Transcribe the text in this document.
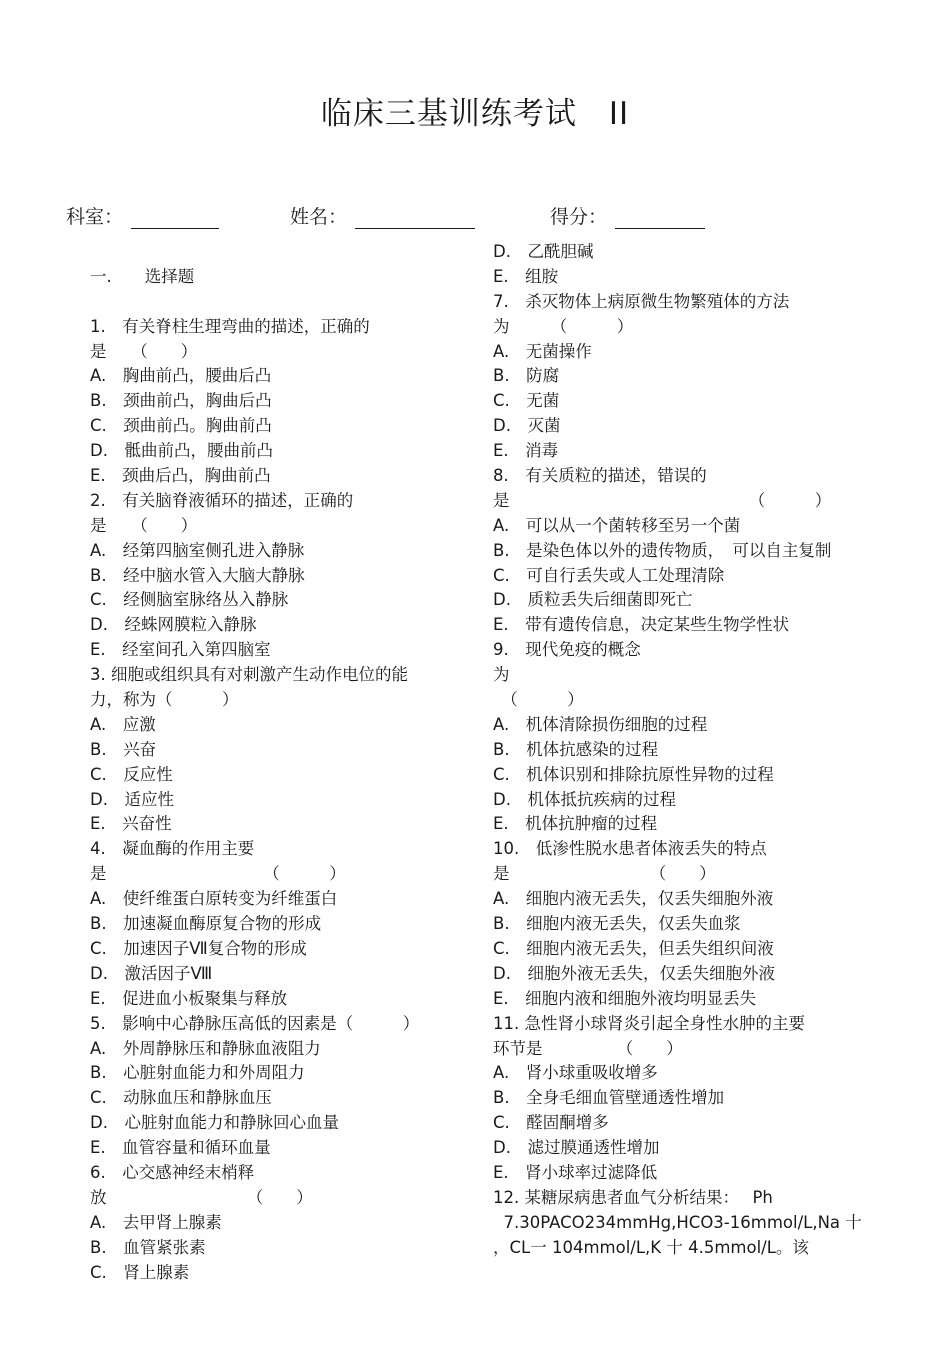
临床三基训练考试　II
科室：	姓名：	得分：
一.　　选择题
1.　有关脊柱生理弯曲的描述，正确的
是　　（　　）
A.　胸曲前凸，腰曲后凸
B.　颈曲前凸，胸曲后凸
C.　颈曲前凸。胸曲前凸
D.　骶曲前凸，腰曲前凸
E.　颈曲后凸，胸曲前凸
2.　有关脑脊液循环的描述，正确的
是　　（　　）
A.　经第四脑室侧孔进入静脉
B.　经中脑水管入大脑大静脉
C.　经侧脑室脉络丛入静脉
D.　经蛛网膜粒入静脉
E.　经室间孔入第四脑室
3. 细胞或组织具有对刺激产生动作电位的能
力，称为（　　　）
A.　应激
B.　兴奋
C.　反应性
D.　适应性
E.　兴奋性
4.　凝血酶的作用主要
是　　　　　　　　　　（　　　）
A.　使纤维蛋白原转变为纤维蛋白
B.　加速凝血酶原复合物的形成
C.　加速因子Ⅶ复合物的形成
D.　激活因子Ⅷ
E.　促进血小板聚集与释放
5.　影响中心静脉压高低的因素是（　　　）
A.　外周静脉压和静脉血液阻力
B.　心脏射血能力和外周阻力
C.　动脉血压和静脉血压
D.　心脏射血能力和静脉回心血量
E.　血管容量和循环血量
6.　心交感神经末梢释
放　　　　　　　　　（　　）
A.　去甲肾上腺素
B.　血管紧张素
C.　肾上腺素
D.　乙酰胆碱
E.　组胺
7.　杀灭物体上病原微生物繁殖体的方法
为　　　（　　　）
A.　无菌操作
B.　防腐
C.　无菌
D.　灭菌
E.　消毒
8.　有关质粒的描述，错误的
是　　　　　　　　　　　　　　　（　　　）
A.　可以从一个菌转移至另一个菌
B.　是染色体以外的遗传物质，　可以自主复制
C.　可自行丢失或人工处理清除
D.　质粒丢失后细菌即死亡
E.　带有遗传信息，决定某些生物学性状
9.　现代免疫的概念
为
　（　　　）
A.　机体清除损伤细胞的过程
B.　机体抗感染的过程
C.　机体识别和排除抗原性异物的过程
D.　机体抵抗疾病的过程
E.　机体抗肿瘤的过程
10.　低渗性脱水患者体液丢失的特点
是　　　　　　　　　（　　）
A.　细胞内液无丢失，仅丢失细胞外液
B.　细胞内液无丢失，仅丢失血浆
C.　细胞内液无丢失，但丢失组织间液
D.　细胞外液无丢失，仅丢失细胞外液
E.　细胞内液和细胞外液均明显丢失
11. 急性肾小球肾炎引起全身性水肿的主要
环节是　　　　　（　　）
A.　肾小球重吸收增多
B.　全身毛细血管壁通透性增加
C.　醛固酮增多
D.　滤过膜通透性增加
E.　肾小球率过滤降低
12. 某糖尿病患者血气分析结果：　 Ph
7.30PACO234mmHg,HCO3-16mmol/L,Na 十
，CL一 104mmol/L,K 十 4.5mmol/L。该
